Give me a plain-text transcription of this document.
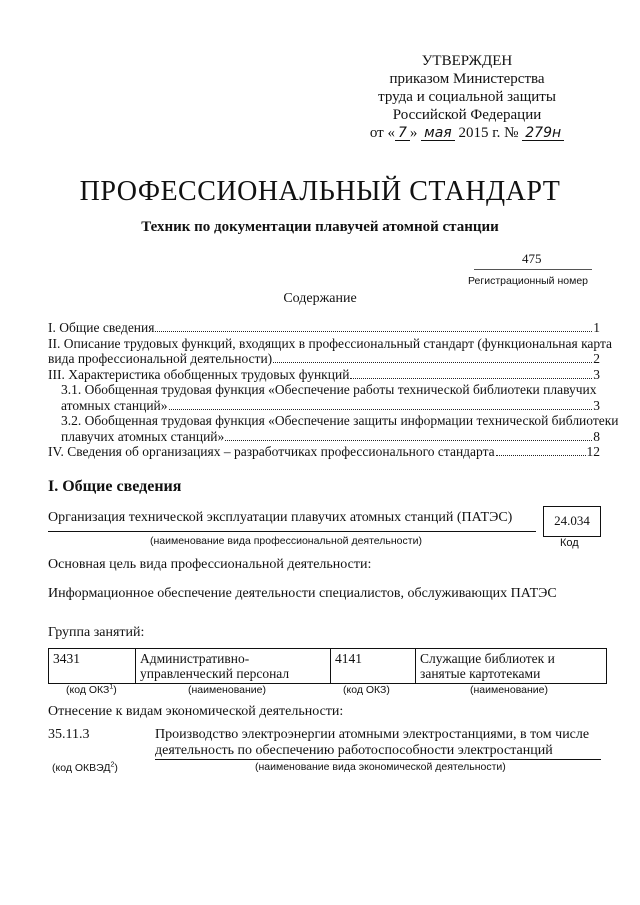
УТВЕРЖДЕН
приказом Министерства
труда и социальной защиты
Российской Федерации
от « 7 » мая 2015 г. № 279н
ПРОФЕССИОНАЛЬНЫЙ СТАНДАРТ
Техник по документации плавучей атомной станции
475
Регистрационный номер
Содержание
I. Общие сведения	1
II. Описание трудовых функций, входящих в профессиональный стандарт (функциональная карта
вида профессиональной деятельности)	2
III. Характеристика обобщенных трудовых функций	3
3.1. Обобщенная трудовая функция «Обеспечение работы технической библиотеки плавучих
атомных станций»	3
3.2. Обобщенная трудовая функция «Обеспечение защиты информации технической библиотеки
плавучих атомных станций»	8
IV. Сведения об организациях – разработчиках профессионального стандарта	12
I. Общие сведения
Организация технической эксплуатации плавучих атомных станций (ПАТЭС)
(наименование вида профессиональной деятельности)
24.034
Код
Основная цель вида профессиональной деятельности:
Информационное обеспечение деятельности специалистов, обслуживающих ПАТЭС
Группа занятий:
3431	Административно-управленческий персонал	4141	Служащие библиотек и занятые картотеками
(код ОКЗ$^1$)	(наименование)	(код ОКЗ)	(наименование)
Отнесение к видам экономической деятельности:
35.11.3	Производство электроэнергии атомными электростанциями, в том числе деятельность по обеспечению работоспособности электростанций
(код ОКВЭД$^2$)	(наименование вида экономической деятельности)
